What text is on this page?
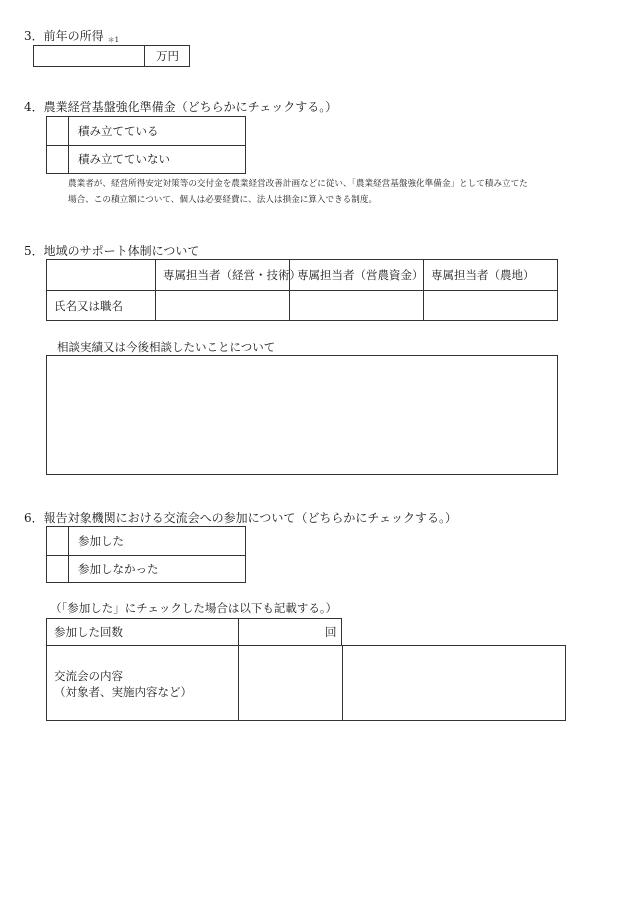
3．前年の所得 ＊1
万円
4．農業経営基盤強化準備金（どちらかにチェックする。）
積み立てている
積み立てていない
農業者が、経営所得安定対策等の交付金を農業経営改善計画などに従い、「農業経営基盤強化準備金」として積み立てた
場合、この積立額について、個人は必要経費に、法人は損金に算入できる制度。
5．地域のサポート体制について
専属担当者（経営・技術）
専属担当者（営農資金） 専属担当者（農地）
氏名又は職名
相談実績又は今後相談したいことについて
6．報告対象機関における交流会への参加について（どちらかにチェックする。）
参加した
参加しなかった
（「参加した」にチェックした場合は以下も記載する。）
参加した回数	回
交流会の内容
（対象者、実施内容など）
